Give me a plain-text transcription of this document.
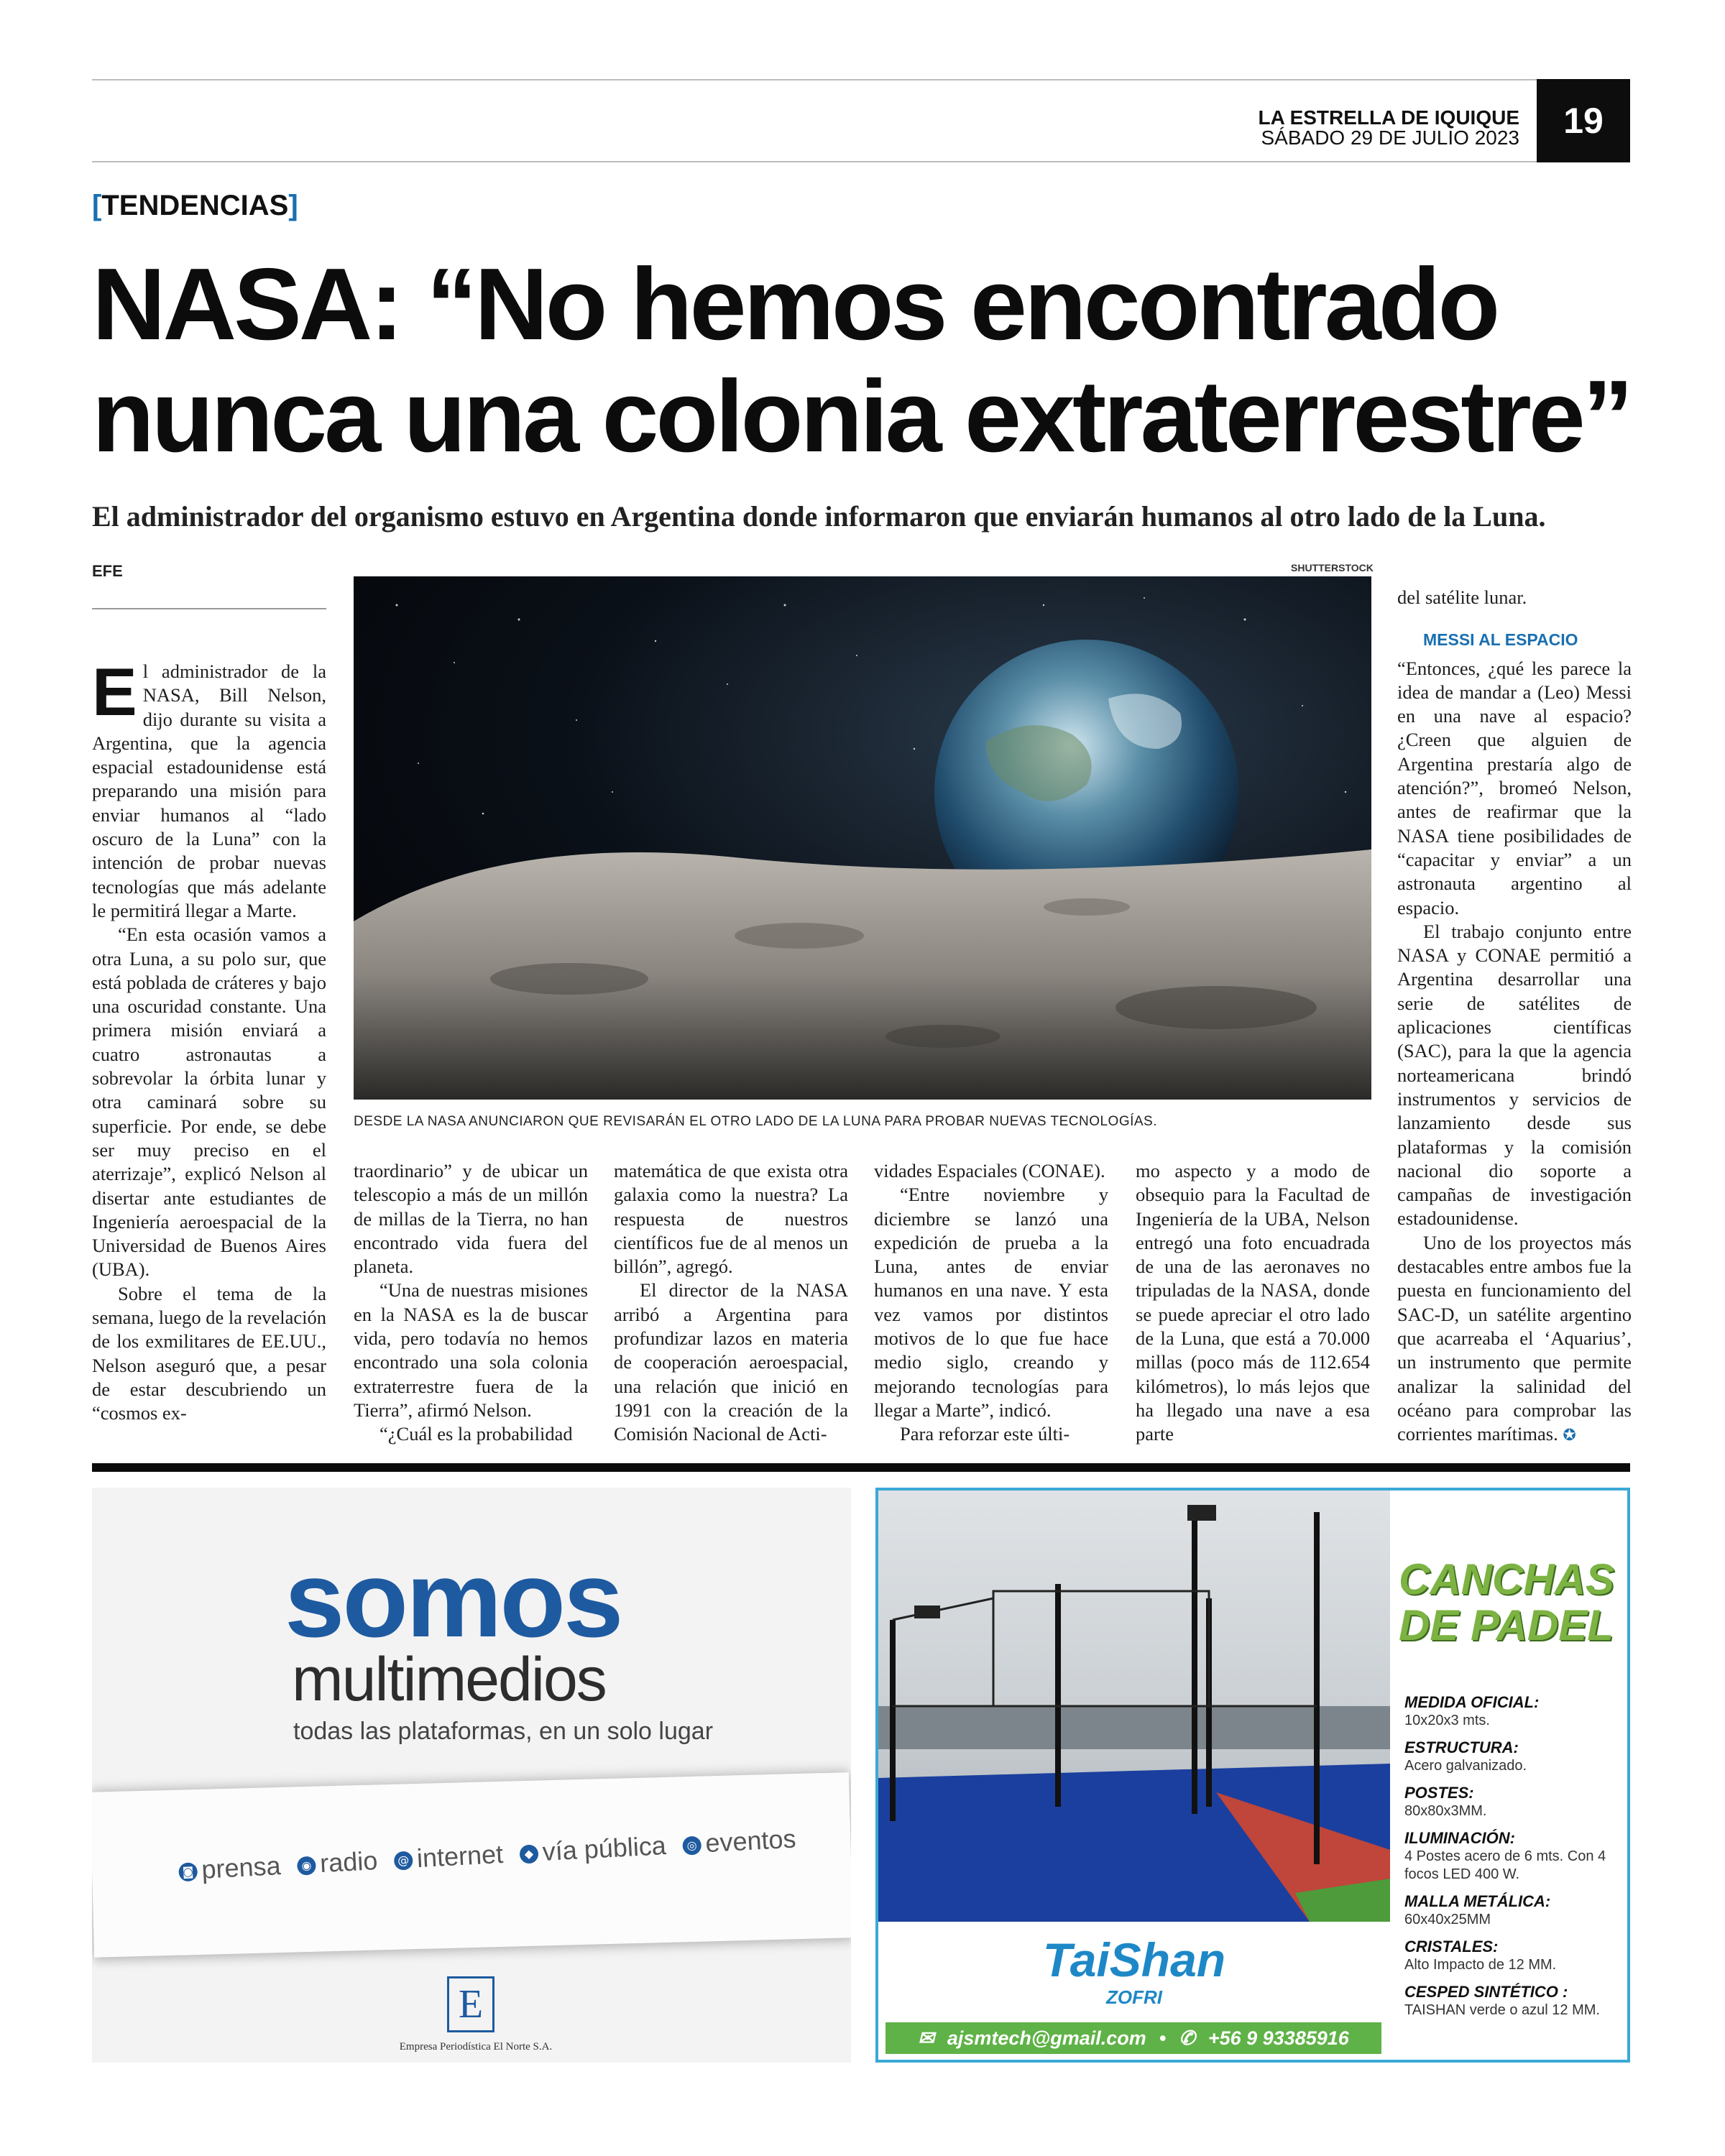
LA ESTRELLA DE IQUIQUE
SÁBADO 29 DE JULIO 2023	19
[TENDENCIAS]
NASA: “No hemos encontrado
nunca una colonia extraterrestre”
El administrador del organismo estuvo en Argentina donde informaron que enviarán humanos al otro lado de la Luna.
EFE	SHUTTERSTOCK
DESDE LA NASA ANUNCIARON QUE REVISARÁN EL OTRO LADO DE LA LUNA PARA PROBAR NUEVAS TECNOLOGÍAS.

El administrador de la NASA, Bill Nelson, dijo durante su visita a Argentina, que la agencia espacial estadounidense está preparando una misión para enviar humanos al “lado oscuro de la Luna” con la intención de probar nuevas tecnologías que más adelante le permitirá llegar a Marte.

“En esta ocasión vamos a otra Luna, a su polo sur, que está poblada de cráteres y bajo una oscuridad constante. Una primera misión enviará a cuatro astronautas a sobrevolar la órbita lunar y otra caminará sobre su superficie. Por ende, se debe ser muy preciso en el aterrizaje”, explicó Nelson al disertar ante estudiantes de Ingeniería aeroespacial de la Universidad de Buenos Aires (UBA).

Sobre el tema de la semana, luego de la revelación de los exmilitares de EE.UU., Nelson aseguró que, a pesar de estar descubriendo un “cosmos ex-

traordinario” y de ubicar un telescopio a más de un millón de millas de la Tierra, no han encontrado vida fuera del planeta.

“Una de nuestras misiones en la NASA es la de buscar vida, pero todavía no hemos encontrado una sola colonia extraterrestre fuera de la Tierra”, afirmó Nelson.

“¿Cuál es la probabilidad

matemática de que exista otra galaxia como la nuestra? La respuesta de nuestros científicos fue de al menos un billón”, agregó.

El director de la NASA arribó a Argentina para profundizar lazos en materia de cooperación aeroespacial, una relación que inició en 1991 con la creación de la Comisión Nacional de Acti-

vidades Espaciales (CONAE).

“Entre noviembre y diciembre se lanzó una expedición de prueba a la Luna, antes de enviar humanos en una nave. Y esta vez vamos por distintos motivos de lo que fue hace medio siglo, creando y mejorando tecnologías para llegar a Marte”, indicó.

Para reforzar este últi-

mo aspecto y a modo de obsequio para la Facultad de Ingeniería de la UBA, Nelson entregó una foto encuadrada de una de las aeronaves no tripuladas de la NASA, donde se puede apreciar el otro lado de la Luna, que está a 70.000 millas (poco más de 112.654 kilómetros), lo más lejos que ha llegado una nave a esa parte

del satélite lunar.

MESSI AL ESPACIO

“Entonces, ¿qué les parece la idea de mandar a (Leo) Messi en una nave al espacio? ¿Creen que alguien de Argentina prestaría algo de atención?”, bromeó Nelson, antes de reafirmar que la NASA tiene posibilidades de “capacitar y enviar” a un astronauta argentino al espacio.

El trabajo conjunto entre NASA y CONAE permitió a Argentina desarrollar una serie de satélites de aplicaciones científicas (SAC), para la que la agencia norteamericana brindó instrumentos y servicios de lanzamiento desde sus plataformas y la comisión nacional dio soporte a campañas de investigación estadounidense.

Uno de los proyectos más destacables entre ambos fue la puesta en funcionamiento del SAC-D, un satélite argentino que acarreaba el ‘Aquarius’, un instrumento que permite analizar la salinidad del océano para comprobar las corrientes marítimas. ✪

somos
multimedios
todas las plataformas, en un solo lugar
◙ prensa	◉ radio	@ internet	◆ vía pública	◎ eventos
E
Empresa Periodística El Norte S.A.
CANCHAS
DE PADEL
MEDIDA OFICIAL:
10x20x3 mts.
ESTRUCTURA:
Acero galvanizado.
POSTES:
80x80x3MM.
ILUMINACIÓN:
4 Postes acero de 6 mts. Con 4 focos LED 400 W.
MALLA METÁLICA:
60x40x25MM
CRISTALES:
Alto Impacto de 12 MM.
CESPED SINTÉTICO :
TAISHAN verde o azul 12 MM.
TaiShan
ZOFRI
✉ ajsmtech@gmail.com • ✆ +56 9 93385916
